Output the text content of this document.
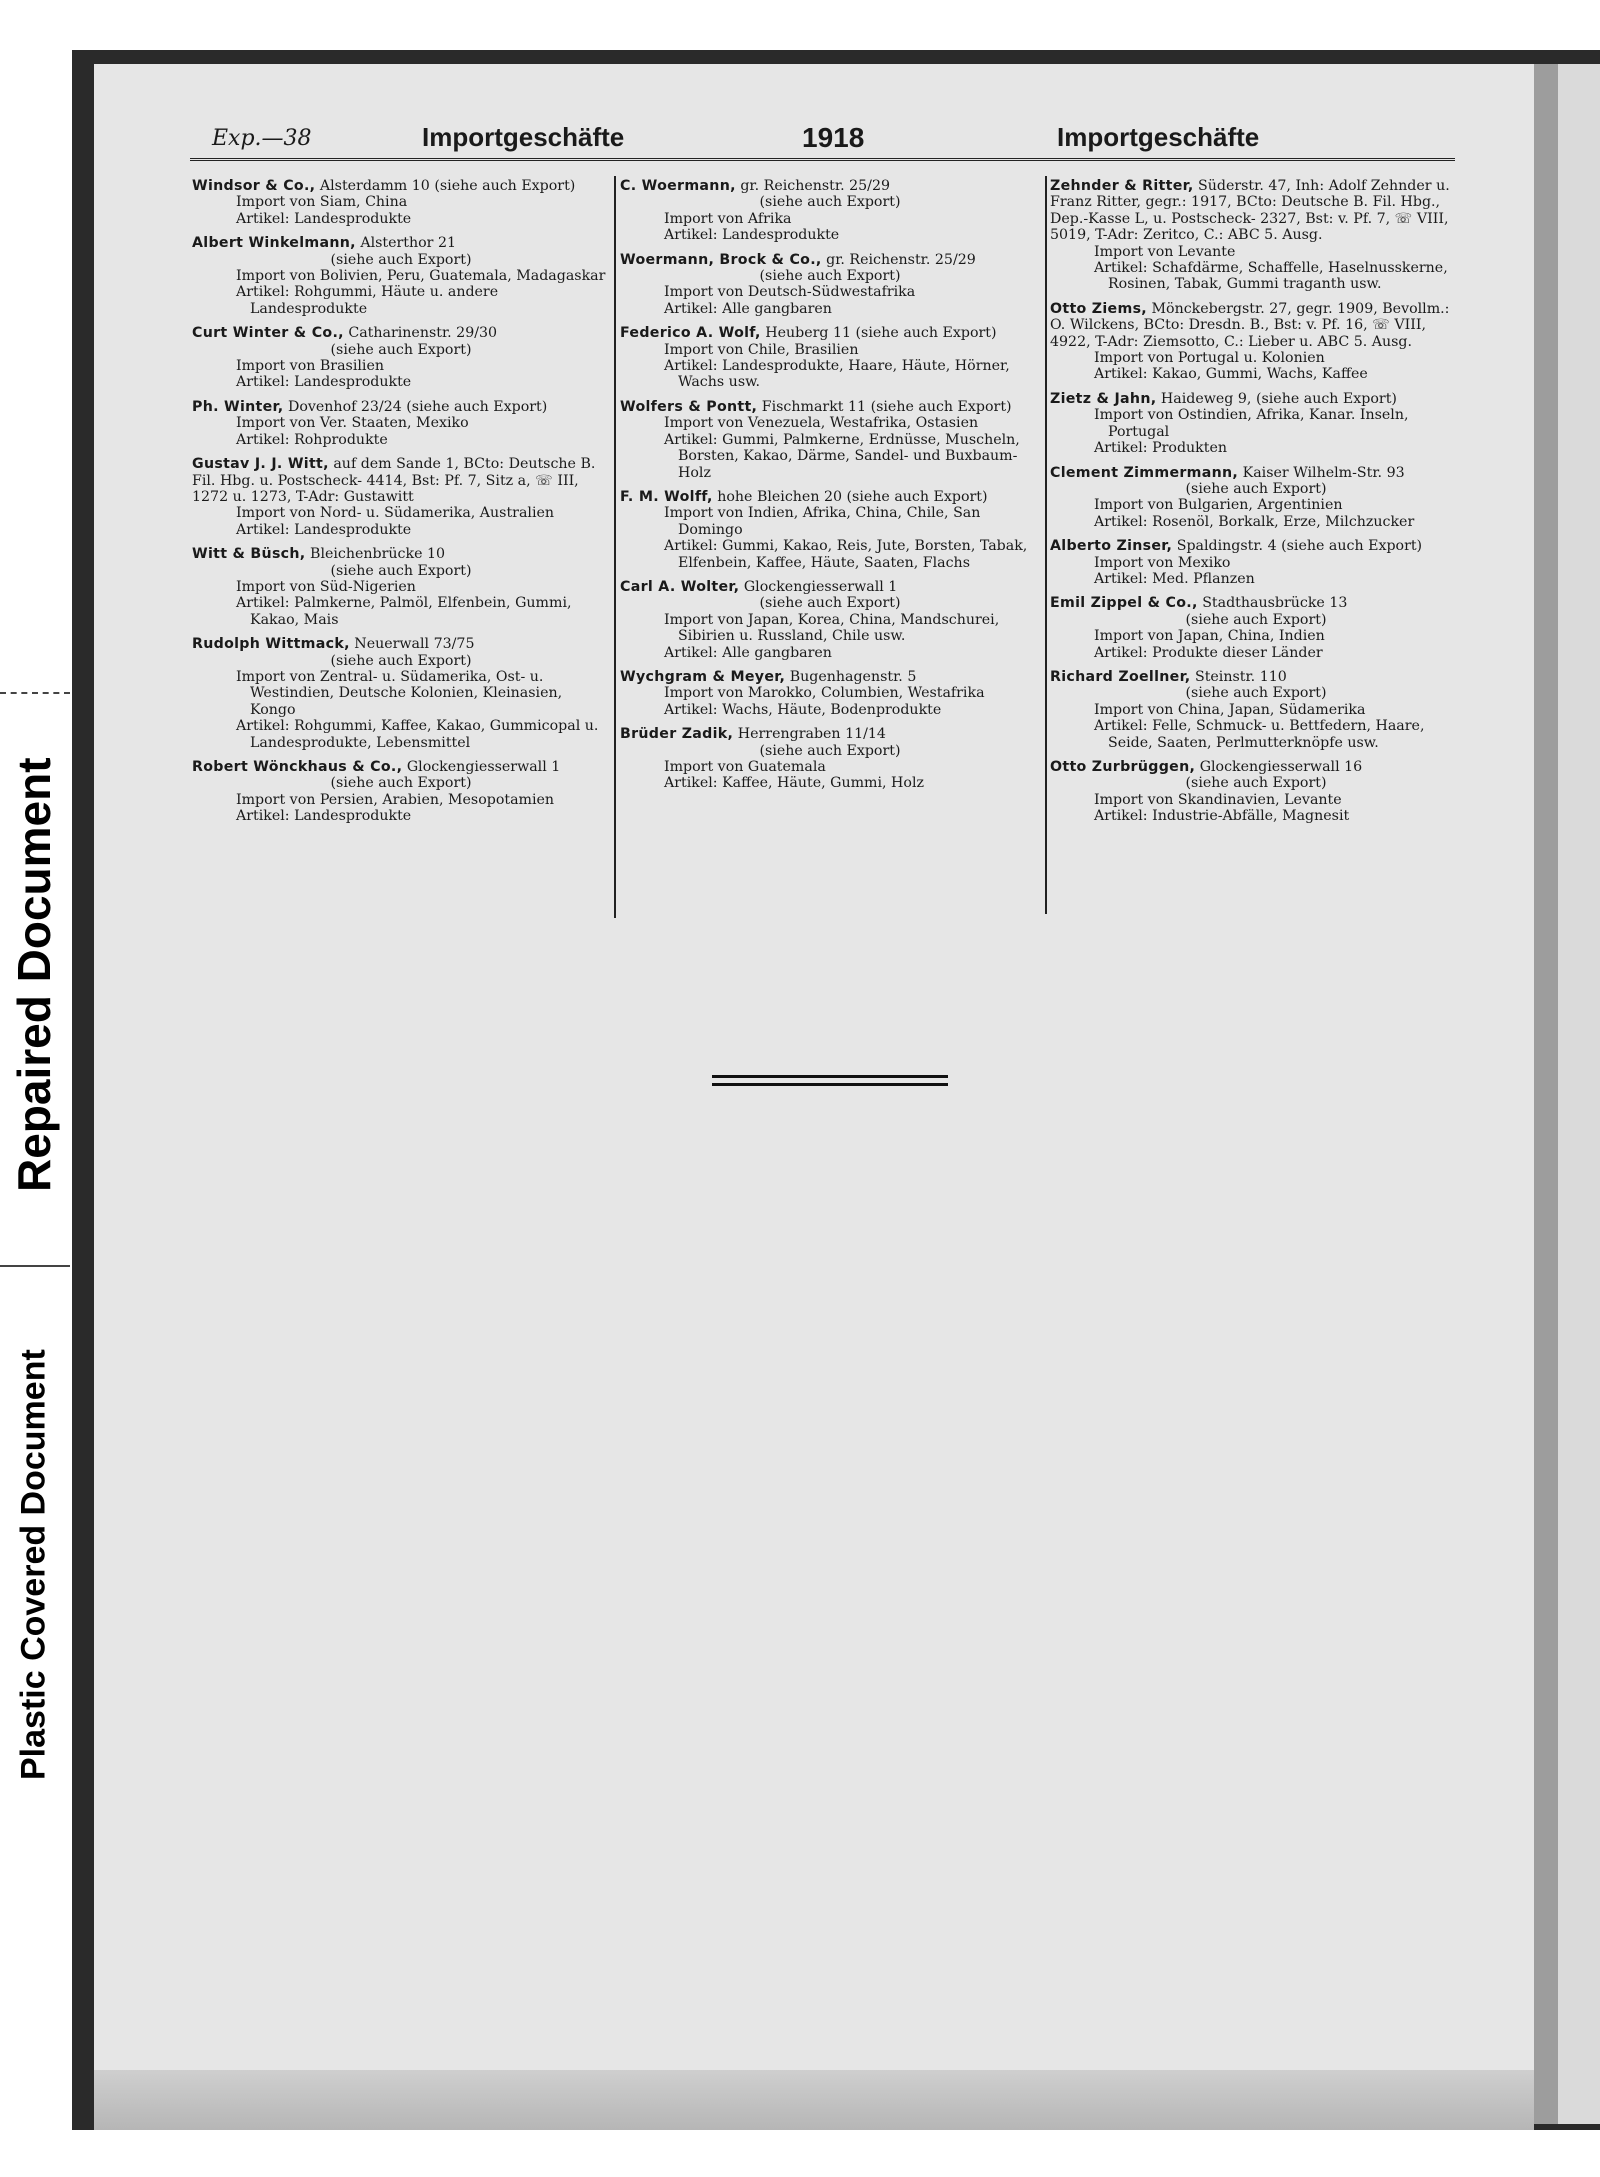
Repaired Document
Plastic Covered Document
Exp.—38	Importgeschäfte	1918	Importgeschäfte
Windsor & Co., Alsterdamm 10 (siehe auch Export)
Import von Siam, China
Artikel: Landesprodukte
Albert Winkelmann, Alsterthor 21
(siehe auch Export)
Import von Bolivien, Peru, Guatemala, Madagaskar
Artikel: Rohgummi, Häute u. andere Landesprodukte
Curt Winter & Co., Catharinenstr. 29/30
(siehe auch Export)
Import von Brasilien
Artikel: Landesprodukte
Ph. Winter, Dovenhof 23/24 (siehe auch Export)
Import von Ver. Staaten, Mexiko
Artikel: Rohprodukte
Gustav J. J. Witt, auf dem Sande 1, BCto: Deutsche B. Fil. Hbg. u. Postscheck- 4414, Bst: Pf. 7, Sitz a, ☏ III, 1272 u. 1273, T-Adr: Gustawitt
Import von Nord- u. Südamerika, Australien
Artikel: Landesprodukte
Witt & Büsch, Bleichenbrücke 10
(siehe auch Export)
Import von Süd-Nigerien
Artikel: Palmkerne, Palmöl, Elfenbein, Gummi, Kakao, Mais
Rudolph Wittmack, Neuerwall 73/75
(siehe auch Export)
Import von Zentral- u. Südamerika, Ost- u. Westindien, Deutsche Kolonien, Kleinasien, Kongo
Artikel: Rohgummi, Kaffee, Kakao, Gummicopal u. Landesprodukte, Lebensmittel
Robert Wönckhaus & Co., Glockengiesserwall 1
(siehe auch Export)
Import von Persien, Arabien, Mesopotamien
Artikel: Landesprodukte
C. Woermann, gr. Reichenstr. 25/29
(siehe auch Export)
Import von Afrika
Artikel: Landesprodukte
Woermann, Brock & Co., gr. Reichenstr. 25/29
(siehe auch Export)
Import von Deutsch-Südwestafrika
Artikel: Alle gangbaren
Federico A. Wolf, Heuberg 11 (siehe auch Export)
Import von Chile, Brasilien
Artikel: Landesprodukte, Haare, Häute, Hörner, Wachs usw.
Wolfers & Pontt, Fischmarkt 11 (siehe auch Export)
Import von Venezuela, Westafrika, Ostasien
Artikel: Gummi, Palmkerne, Erdnüsse, Muscheln, Borsten, Kakao, Därme, Sandel- und Buxbaum-Holz
F. M. Wolff, hohe Bleichen 20 (siehe auch Export)
Import von Indien, Afrika, China, Chile, San Domingo
Artikel: Gummi, Kakao, Reis, Jute, Borsten, Tabak, Elfenbein, Kaffee, Häute, Saaten, Flachs
Carl A. Wolter, Glockengiesserwall 1
(siehe auch Export)
Import von Japan, Korea, China, Mandschurei, Sibirien u. Russland, Chile usw.
Artikel: Alle gangbaren
Wychgram & Meyer, Bugenhagenstr. 5
Import von Marokko, Columbien, Westafrika
Artikel: Wachs, Häute, Bodenprodukte
Brüder Zadik, Herrengraben 11/14
(siehe auch Export)
Import von Guatemala
Artikel: Kaffee, Häute, Gummi, Holz
Zehnder & Ritter, Süderstr. 47, Inh: Adolf Zehnder u. Franz Ritter, gegr.: 1917, BCto: Deutsche B. Fil. Hbg., Dep.-Kasse L, u. Postscheck- 2327, Bst: v. Pf. 7, ☏ VIII, 5019, T-Adr: Zeritco, C.: ABC 5. Ausg.
Import von Levante
Artikel: Schafdärme, Schaffelle, Haselnusskerne, Rosinen, Tabak, Gummi traganth usw.
Otto Ziems, Mönckebergstr. 27, gegr. 1909, Bevollm.: O. Wilckens, BCto: Dresdn. B., Bst: v. Pf. 16, ☏ VIII, 4922, T-Adr: Ziemsotto, C.: Lieber u. ABC 5. Ausg.
Import von Portugal u. Kolonien
Artikel: Kakao, Gummi, Wachs, Kaffee
Zietz & Jahn, Haideweg 9, (siehe auch Export)
Import von Ostindien, Afrika, Kanar. Inseln, Portugal
Artikel: Produkten
Clement Zimmermann, Kaiser Wilhelm-Str. 93
(siehe auch Export)
Import von Bulgarien, Argentinien
Artikel: Rosenöl, Borkalk, Erze, Milchzucker
Alberto Zinser, Spaldingstr. 4 (siehe auch Export)
Import von Mexiko
Artikel: Med. Pflanzen
Emil Zippel & Co., Stadthausbrücke 13
(siehe auch Export)
Import von Japan, China, Indien
Artikel: Produkte dieser Länder
Richard Zoellner, Steinstr. 110
(siehe auch Export)
Import von China, Japan, Südamerika
Artikel: Felle, Schmuck- u. Bettfedern, Haare, Seide, Saaten, Perlmutterknöpfe usw.
Otto Zurbrüggen, Glockengiesserwall 16
(siehe auch Export)
Import von Skandinavien, Levante
Artikel: Industrie-Abfälle, Magnesit
